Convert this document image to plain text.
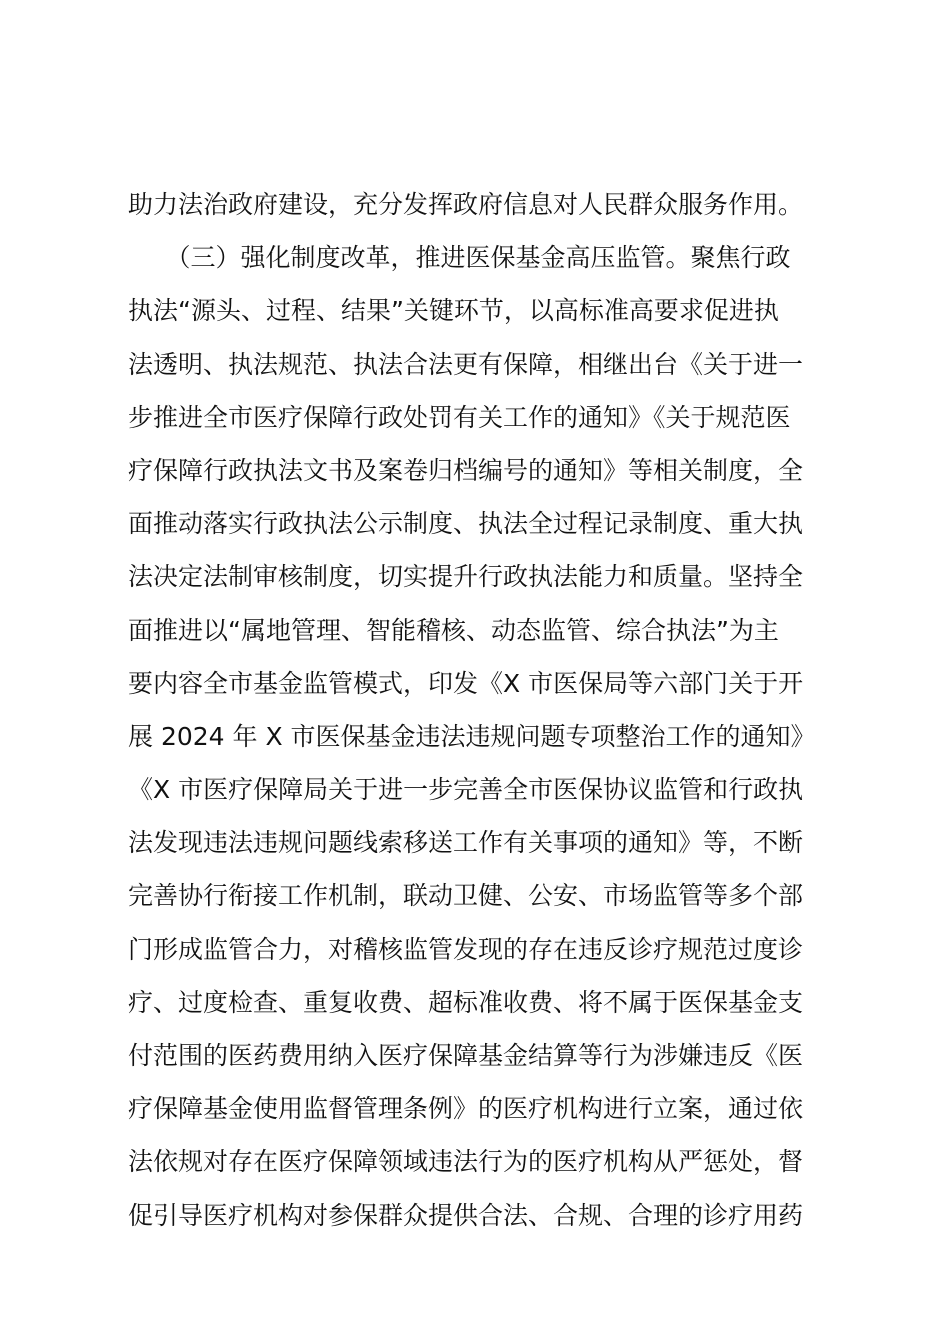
助力法治政府建设，充分发挥政府信息对人民群众服务作用。
　　（三）强化制度改革，推进医保基金高压监管。聚焦行政
执法“源头、过程、结果”关键环节，以高标准高要求促进执
法透明、执法规范、执法合法更有保障，相继出台《关于进一
步推进全市医疗保障行政处罚有关工作的通知》《关于规范医
疗保障行政执法文书及案卷归档编号的通知》等相关制度，全
面推动落实行政执法公示制度、执法全过程记录制度、重大执
法决定法制审核制度，切实提升行政执法能力和质量。坚持全
面推进以“属地管理、智能稽核、动态监管、综合执法”为主
要内容全市基金监管模式，印发《X 市医保局等六部门关于开
展 2024 年 X 市医保基金违法违规问题专项整治工作的通知》
《X 市医疗保障局关于进一步完善全市医保协议监管和行政执
法发现违法违规问题线索移送工作有关事项的通知》等，不断
完善协行衔接工作机制，联动卫健、公安、市场监管等多个部
门形成监管合力，对稽核监管发现的存在违反诊疗规范过度诊
疗、过度检查、重复收费、超标准收费、将不属于医保基金支
付范围的医药费用纳入医疗保障基金结算等行为涉嫌违反《医
疗保障基金使用监督管理条例》的医疗机构进行立案，通过依
法依规对存在医疗保障领域违法行为的医疗机构从严惩处，督
促引导医疗机构对参保群众提供合法、合规、合理的诊疗用药
